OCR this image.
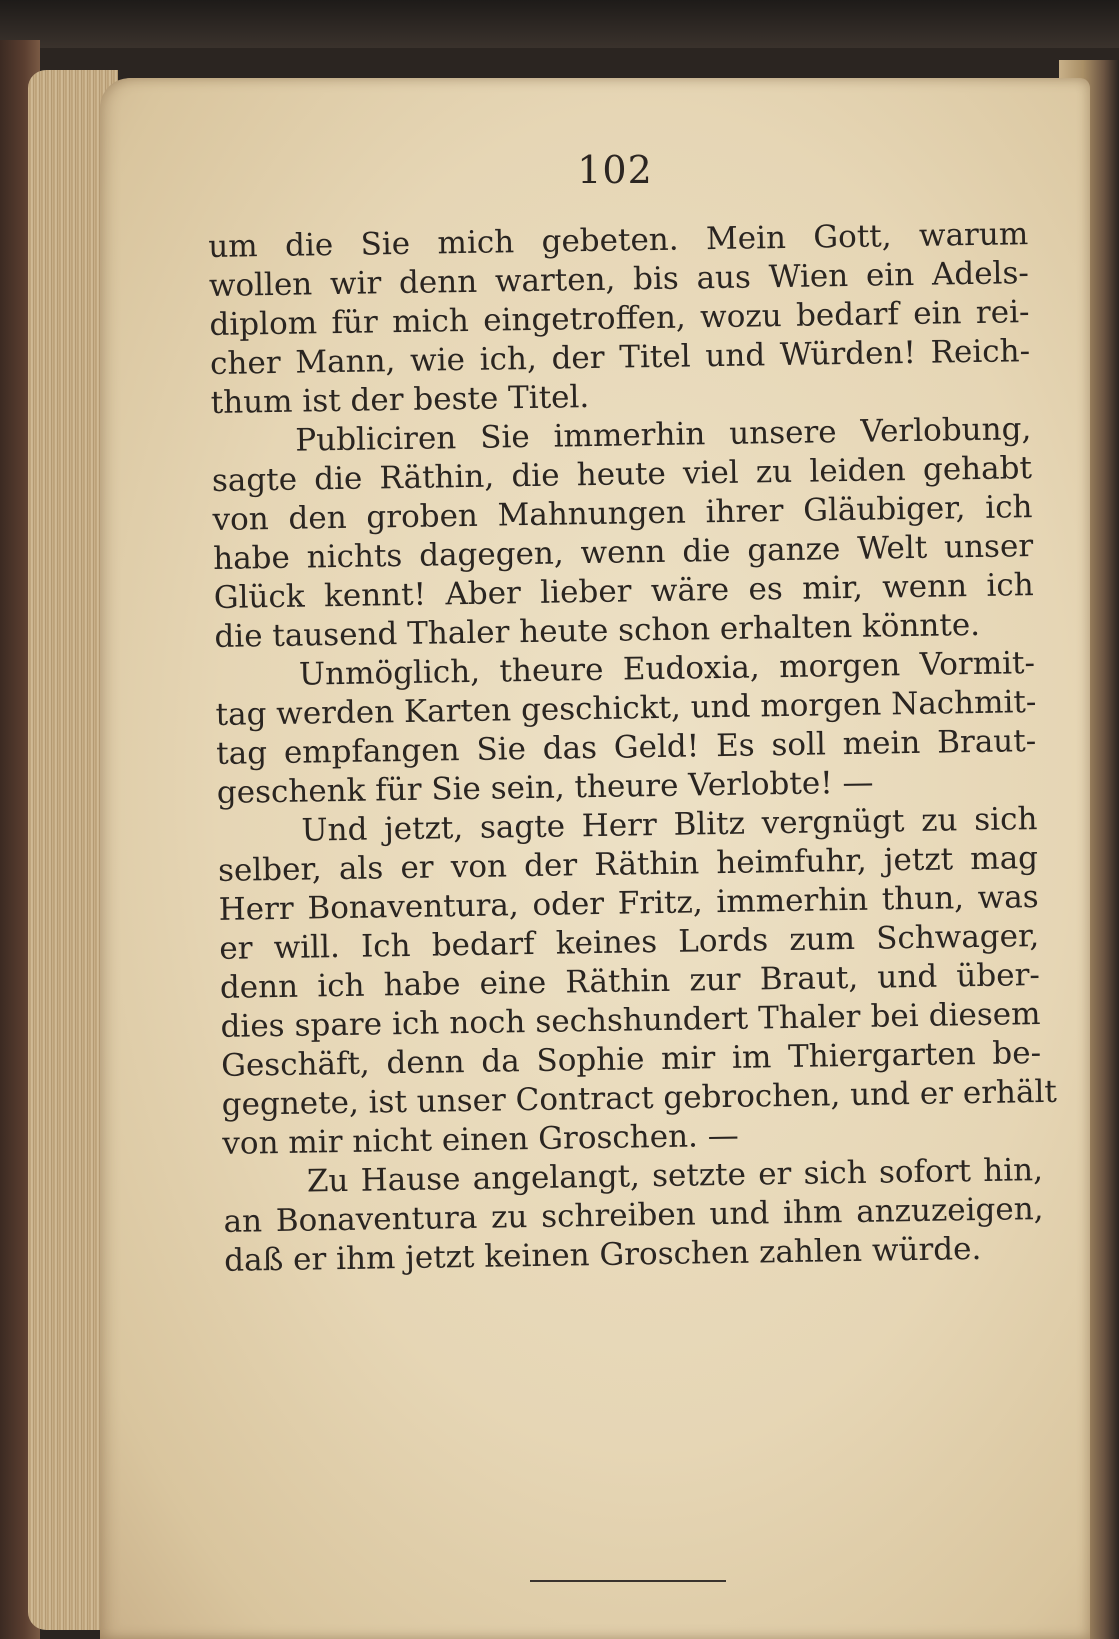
102
um die Sie mich gebeten. Mein Gott, warum
wollen wir denn warten, bis aus Wien ein Adels-
diplom für mich eingetroffen, wozu bedarf ein rei-
cher Mann, wie ich, der Titel und Würden! Reich-
thum ist der beste Titel.
Publiciren Sie immerhin unsere Verlobung,
sagte die Räthin, die heute viel zu leiden gehabt
von den groben Mahnungen ihrer Gläubiger, ich
habe nichts dagegen, wenn die ganze Welt unser
Glück kennt! Aber lieber wäre es mir, wenn ich
die tausend Thaler heute schon erhalten könnte.
Unmöglich, theure Eudoxia, morgen Vormit-
tag werden Karten geschickt, und morgen Nachmit-
tag empfangen Sie das Geld! Es soll mein Braut-
geschenk für Sie sein, theure Verlobte! —
Und jetzt, sagte Herr Blitz vergnügt zu sich
selber, als er von der Räthin heimfuhr, jetzt mag
Herr Bonaventura, oder Fritz, immerhin thun, was
er will. Ich bedarf keines Lords zum Schwager,
denn ich habe eine Räthin zur Braut, und über-
dies spare ich noch sechshundert Thaler bei diesem
Geschäft, denn da Sophie mir im Thiergarten be-
gegnete, ist unser Contract gebrochen, und er erhält
von mir nicht einen Groschen. —
Zu Hause angelangt, setzte er sich sofort hin,
an Bonaventura zu schreiben und ihm anzuzeigen,
daß er ihm jetzt keinen Groschen zahlen würde.
